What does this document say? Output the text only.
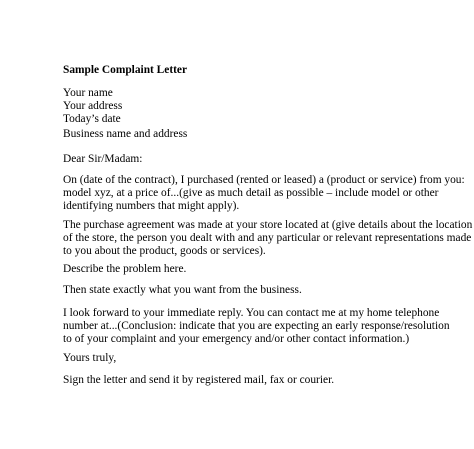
Sample Complaint Letter
Your name
Your address
Today’s date
Business name and address
Dear Sir/Madam:
On (date of the contract), I purchased (rented or leased) a (product or service) from you:
model xyz, at a price of...(give as much detail as possible – include model or other
identifying numbers that might apply).
The purchase agreement was made at your store located at (give details about the location
of the store, the person you dealt with and any particular or relevant representations made
to you about the product, goods or services).
Describe the problem here.
Then state exactly what you want from the business.
I look forward to your immediate reply. You can contact me at my home telephone
number at...(Conclusion: indicate that you are expecting an early response/resolution
to of your complaint and your emergency and/or other contact information.)
Yours truly,
Sign the letter and send it by registered mail, fax or courier.
